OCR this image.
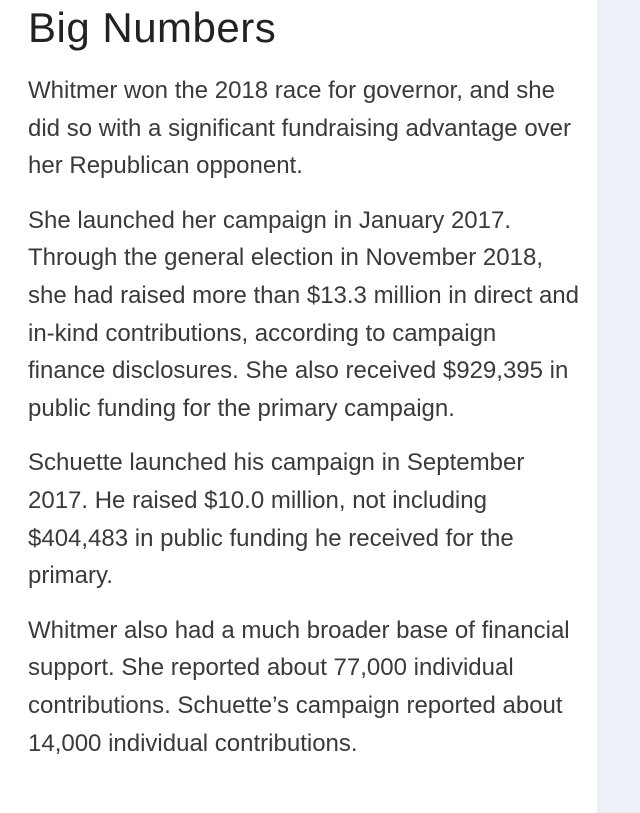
Big Numbers

Whitmer won the 2018 race for governor, and she did so with a significant fundraising advantage over her Republican opponent.

She launched her campaign in January 2017. Through the general election in November 2018, she had raised more than $13.3 million in direct and in-kind contributions, according to campaign finance disclosures. She also received $929,395 in public funding for the primary campaign.

Schuette launched his campaign in September 2017. He raised $10.0 million, not including $404,483 in public funding he received for the primary.

Whitmer also had a much broader base of financial support. She reported about 77,000 individual contributions. Schuette’s campaign reported about 14,000 individual contributions.
